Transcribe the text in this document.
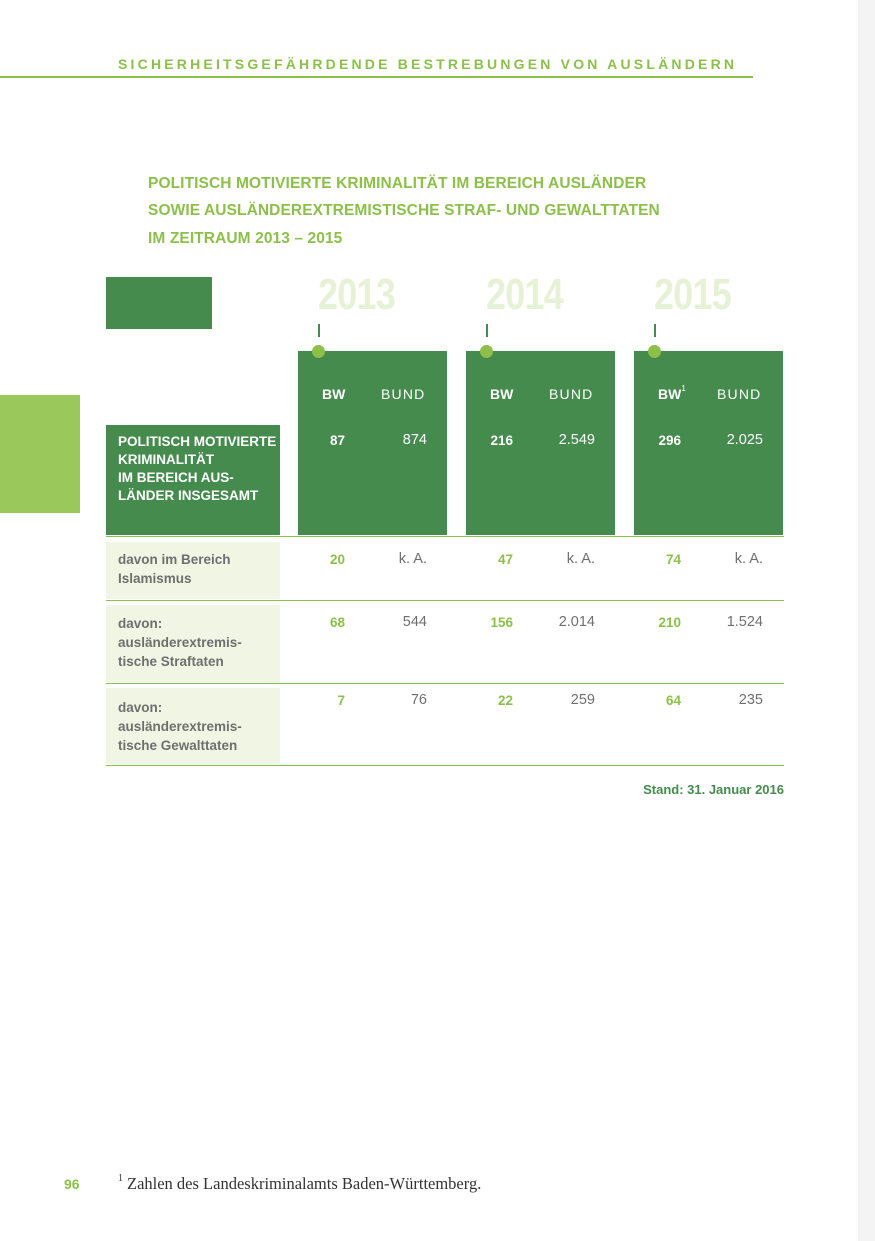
SICHERHEITSGEFÄHRDENDE BESTREBUNGEN VON AUSLÄNDERN
POLITISCH MOTIVIERTE KRIMINALITÄT IM BEREICH AUSLÄNDER
SOWIE AUSLÄNDEREXTREMISTISCHE STRAF- UND GEWALTTATEN
IM ZEITRAUM 2013 – 2015
2013
BW	BUND
2014
BW	BUND
2015
$BW^1$ BUND
POLITISCH MOTIVIERTE
KRIMINALITÄT
IM BEREICH AUS-
LÄNDER INSGESAMT
87	874	216	2.549	296	2.025
davon im Bereich
Islamismus
20	k. A.	47	k. A.	74	k. A.
davon:
ausländerextremis-
tische Straftaten
68	544	156	2.014	210	1.524
davon:
ausländerextremis-
tische Gewalttaten
7	76	22	259	64	235
Stand: 31. Januar 2016
96	$^1$ Zahlen des Landeskriminalamts Baden-Württemberg.
